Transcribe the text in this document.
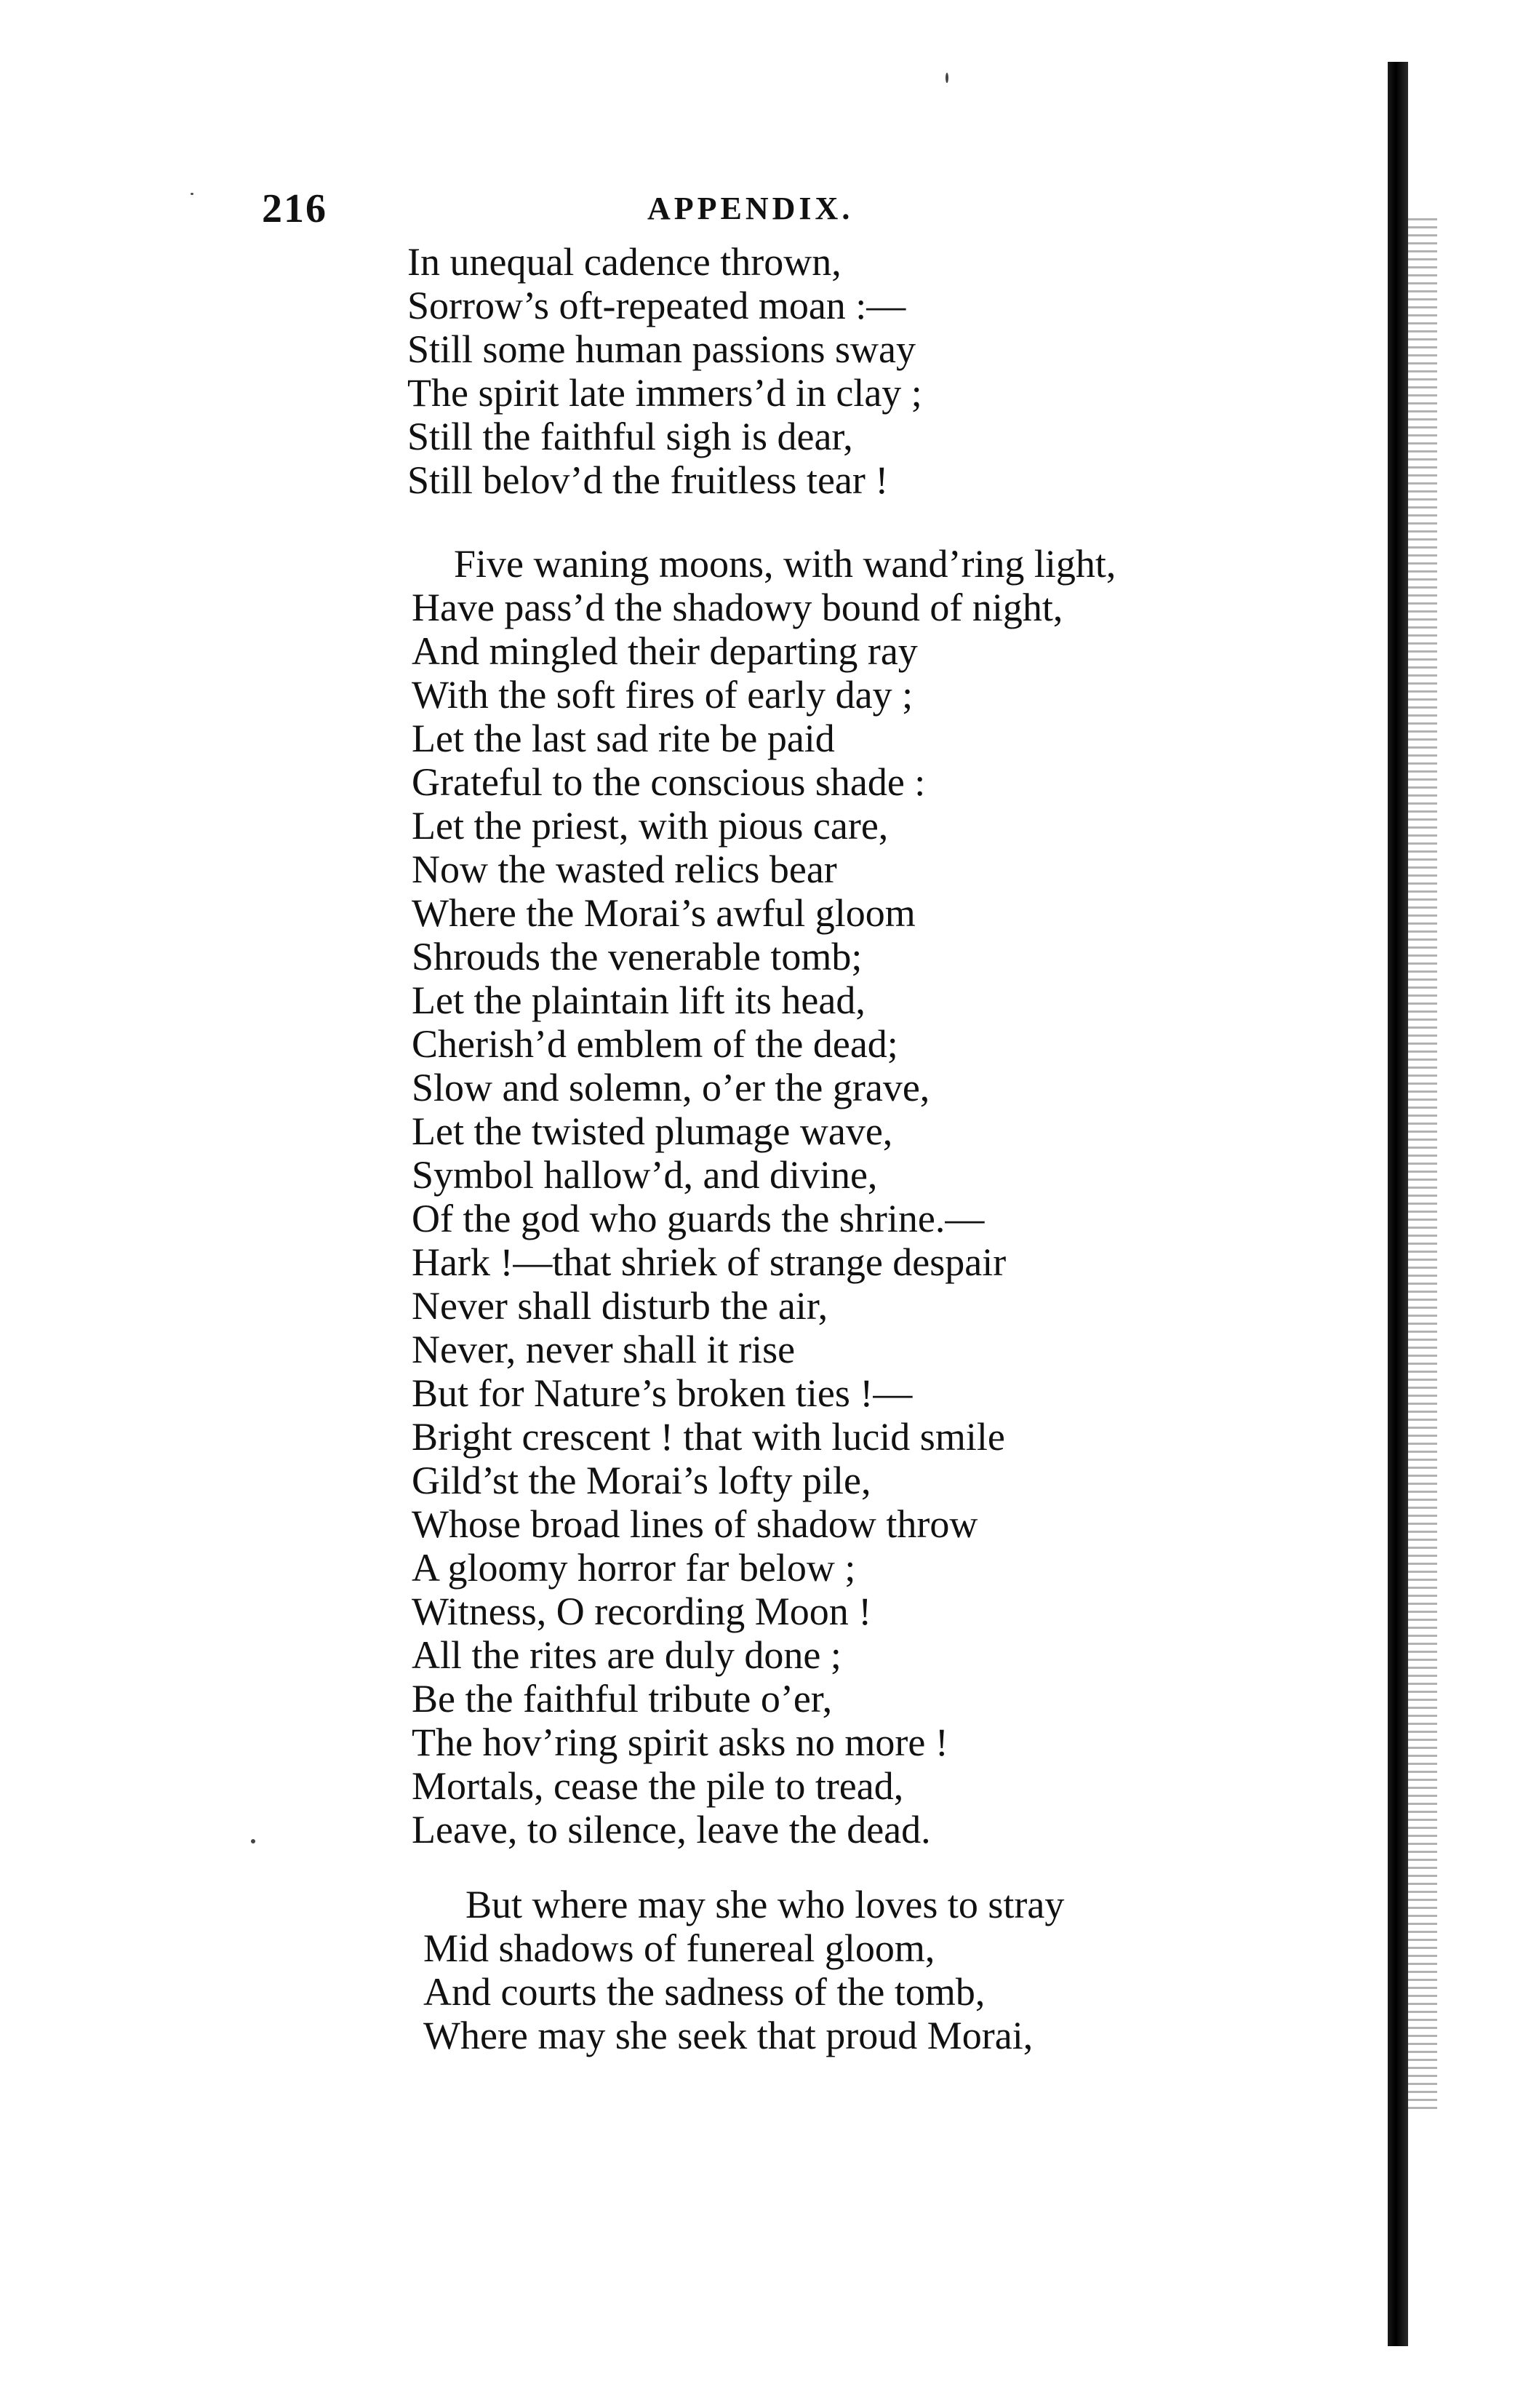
216	APPENDIX.
In unequal cadence thrown,
Sorrow’s oft-repeated moan :—
Still some human passions sway
The spirit late immers’d in clay ;
Still the faithful sigh is dear,
Still belov’d the fruitless tear !
Five waning moons, with wand’ring light,
Have pass’d the shadowy bound of night,
And mingled their departing ray
With the soft fires of early day ;
Let the last sad rite be paid
Grateful to the conscious shade :
Let the priest, with pious care,
Now the wasted relics bear
Where the Morai’s awful gloom
Shrouds the venerable tomb;
Let the plaintain lift its head,
Cherish’d emblem of the dead;
Slow and solemn, o’er the grave,
Let the twisted plumage wave,
Symbol hallow’d, and divine,
Of the god who guards the shrine.—
Hark !—that shriek of strange despair
Never shall disturb the air,
Never, never shall it rise
But for Nature’s broken ties !—
Bright crescent ! that with lucid smile
Gild’st the Morai’s lofty pile,
Whose broad lines of shadow throw
A gloomy horror far below ;
Witness, O recording Moon !
All the rites are duly done ;
Be the faithful tribute o’er,
The hov’ring spirit asks no more !
Mortals, cease the pile to tread,
Leave, to silence, leave the dead.
But where may she who loves to stray
Mid shadows of funereal gloom,
And courts the sadness of the tomb,
Where may she seek that proud Morai,
